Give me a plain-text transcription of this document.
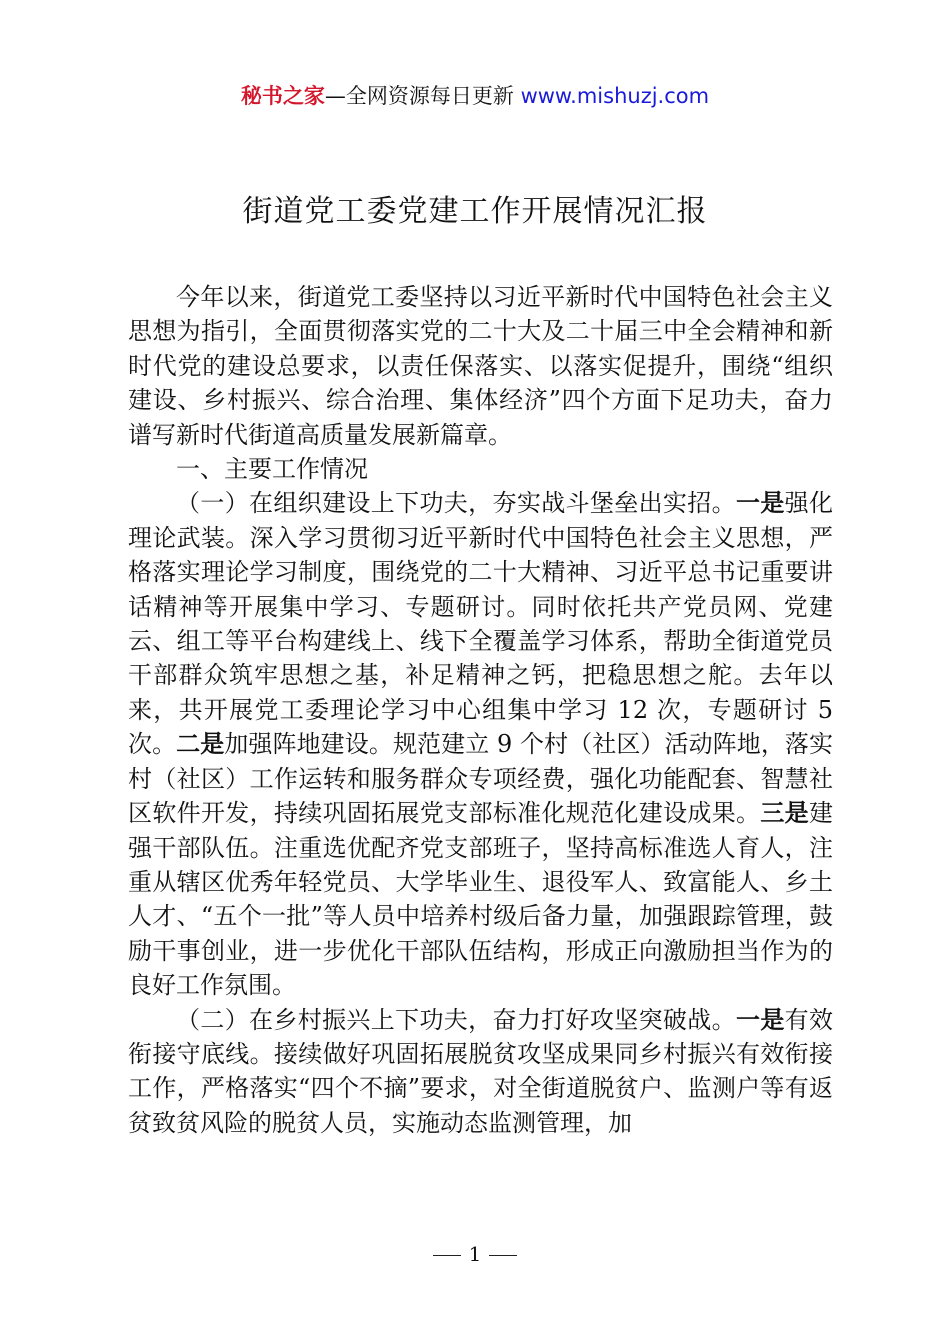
秘书之家—全网资源每日更新 www.mishuzj.com
街道党工委党建工作开展情况汇报

今年以来，街道党工委坚持以习近平新时代中国特色社会主义思想为指引，全面贯彻落实党的二十大及二十届三中全会精神和新时代党的建设总要求，以责任保落实、以落实促提升，围绕“组织建设、乡村振兴、综合治理、集体经济”四个方面下足功夫，奋力谱写新时代街道高质量发展新篇章。

一、主要工作情况

（一）在组织建设上下功夫，夯实战斗堡垒出实招。一是强化理论武装。深入学习贯彻习近平新时代中国特色社会主义思想，严格落实理论学习制度，围绕党的二十大精神、习近平总书记重要讲话精神等开展集中学习、专题研讨。同时依托共产党员网、党建云、组工等平台构建线上、线下全覆盖学习体系，帮助全街道党员干部群众筑牢思想之基，补足精神之钙，把稳思想之舵。去年以来，共开展党工委理论学习中心组集中学习 12 次，专题研讨 5 次。二是加强阵地建设。规范建立 9 个村（社区）活动阵地，落实村（社区）工作运转和服务群众专项经费，强化功能配套、智慧社区软件开发，持续巩固拓展党支部标准化规范化建设成果。三是建强干部队伍。注重选优配齐党支部班子，坚持高标准选人育人，注重从辖区优秀年轻党员、大学毕业生、退役军人、致富能人、乡土人才、“五个一批”等人员中培养村级后备力量，加强跟踪管理，鼓励干事创业，进一步优化干部队伍结构，形成正向激励担当作为的良好工作氛围。

（二）在乡村振兴上下功夫，奋力打好攻坚突破战。一是有效衔接守底线。接续做好巩固拓展脱贫攻坚成果同乡村振兴有效衔接工作，严格落实“四个不摘”要求，对全街道脱贫户、监测户等有返贫致贫风险的脱贫人员，实施动态监测管理，加

1
